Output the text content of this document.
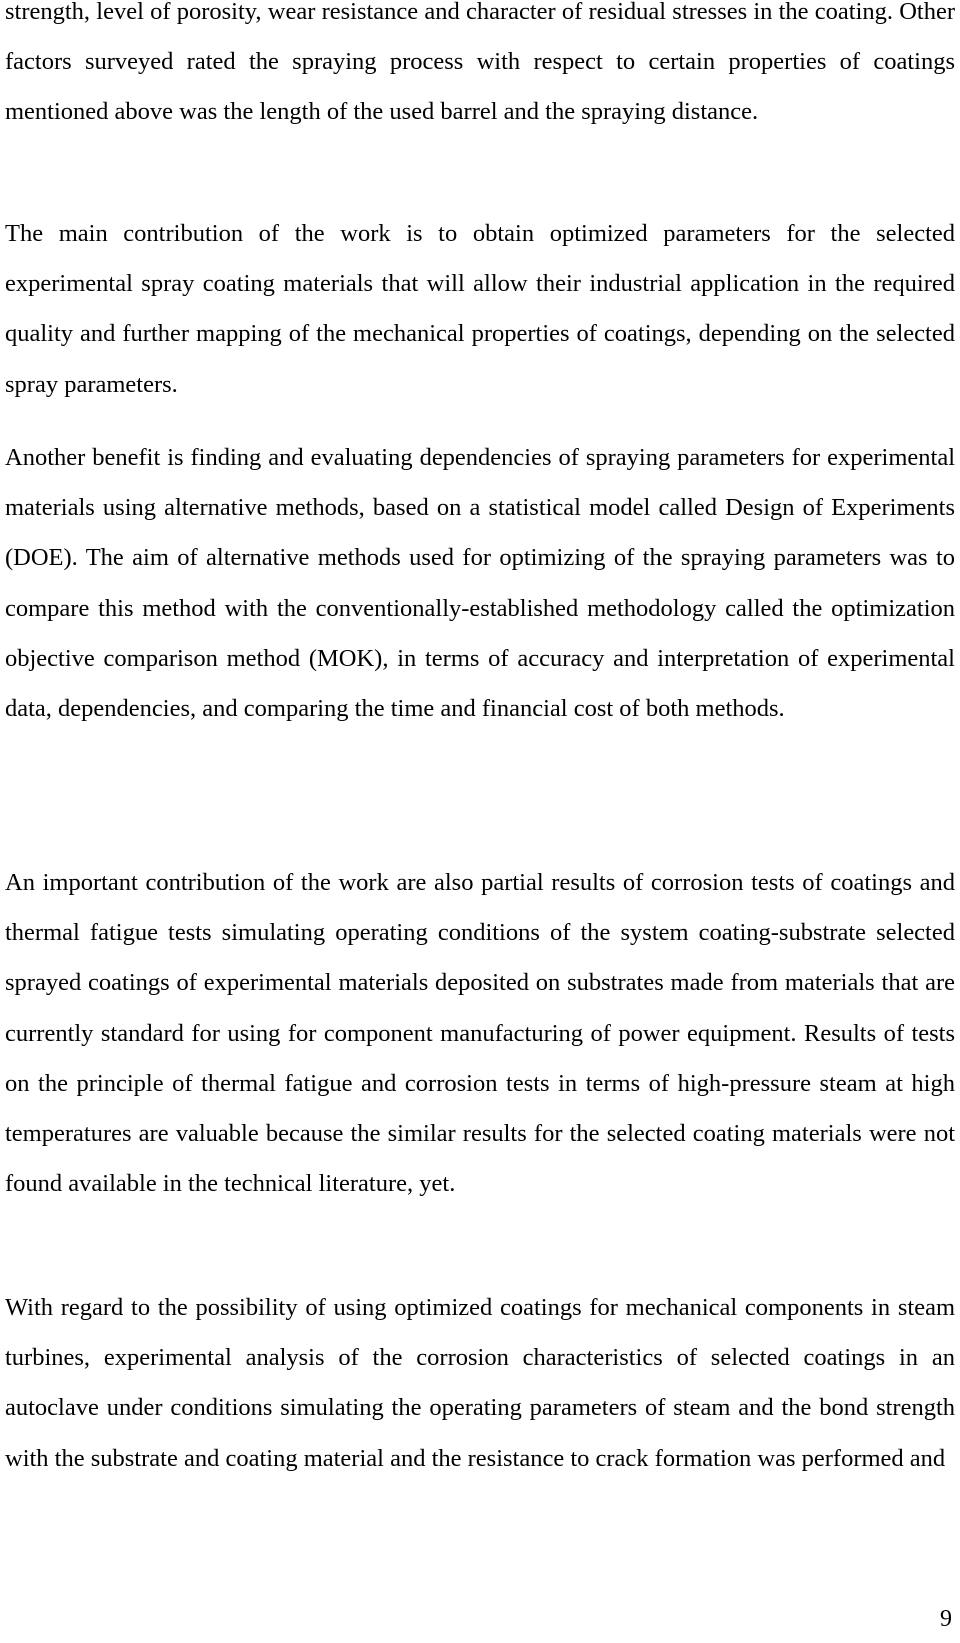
strength, level of porosity, wear resistance and character of residual stresses in the coating. Other factors surveyed rated the spraying process with respect to certain properties of coatings mentioned above was the length of the used barrel and the spraying distance.

The main contribution of the work is to obtain optimized parameters for the selected experimental spray coating materials that will allow their industrial application in the required quality and further mapping of the mechanical properties of coatings, depending on the selected spray parameters.

Another benefit is finding and evaluating dependencies of spraying parameters for experimental materials using alternative methods, based on a statistical model called Design of Experiments (DOE). The aim of alternative methods used for optimizing of the spraying parameters was to compare this method with the conventionally-established methodology called the optimization objective comparison method (MOK), in terms of accuracy and interpretation of experimental data, dependencies, and comparing the time and financial cost of both methods.

An important contribution of the work are also partial results of corrosion tests of coatings and thermal fatigue tests simulating operating conditions of the system coating-substrate selected sprayed coatings of experimental materials deposited on substrates made from materials that are currently standard for using for component manufacturing of power equipment. Results of tests on the principle of thermal fatigue and corrosion tests in terms of high-pressure steam at high temperatures are valuable because the similar results for the selected coating materials were not found available in the technical literature, yet.

With regard to the possibility of using optimized coatings for mechanical components in steam turbines, experimental analysis of the corrosion characteristics of selected coatings in an autoclave under conditions simulating the operating parameters of steam and the bond strength with the substrate and coating material and the resistance to crack formation was performed and

9
